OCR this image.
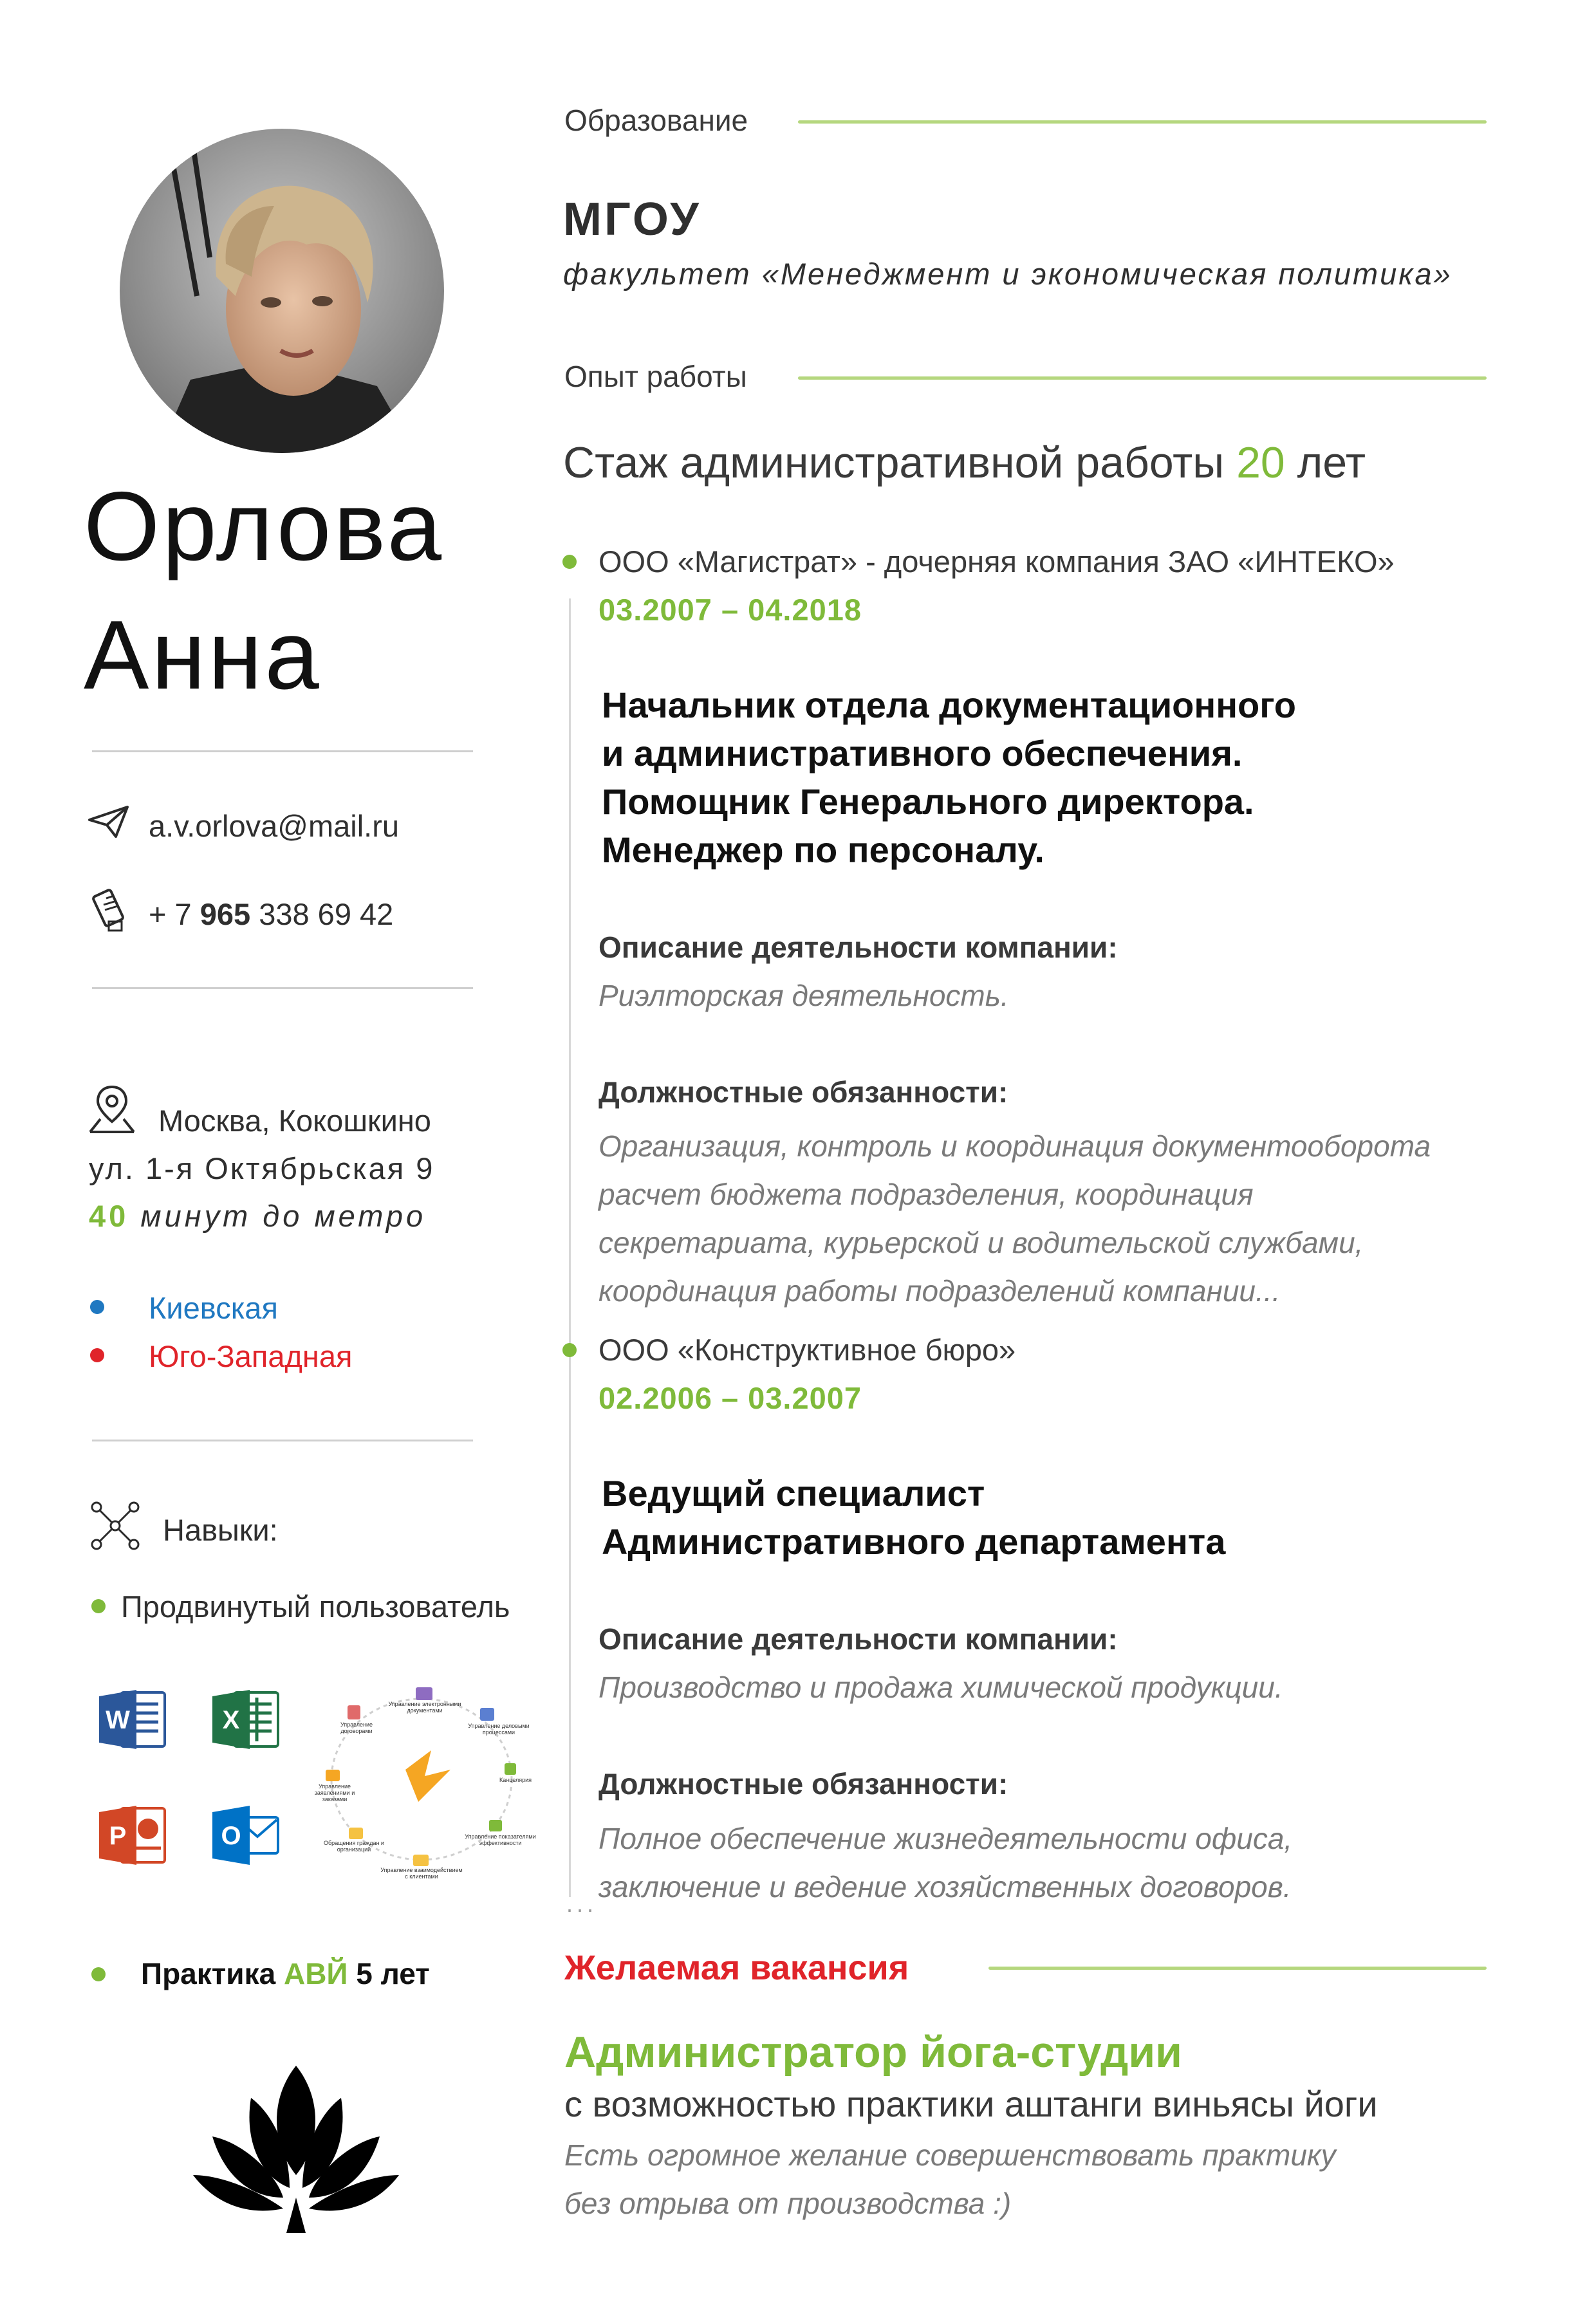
Орлова
Анна
a.v.orlova@mail.ru
+ 7 965 338 69 42
Москва, Кокошкино
ул. 1-я Октябрьская 9
40 минут до метро
Киевская
Юго-Западная
Навыки:
Продвинутый пользователь
W	X
P	O
Управление электронными документами
Управление деловыми процессами
Канцелярия
Управление показателями эффективности
Управление взаимодействием с клиентами
Обращения граждан и организаций
Управление заявлениями и заказами
Управление договорами
Практика АВЙ 5 лет
Образование
МГОУ
факультет «Менеджмент и экономическая политика»
Опыт работы
Стаж административной работы 20 лет
...
ООО «Магистрат» - дочерняя компания ЗАО «ИНТЕКО»
03.2007 – 04.2018
Начальник отдела документационного
и административного обеспечения.
Помощник Генерального директора.
Менеджер по персоналу.
Описание деятельности компании:
Риэлторская деятельность.
Должностные обязанности:
Организация, контроль и координация документооборота
расчет бюджета подразделения, координация
секретариата, курьерской и водительской службами,
координация работы подразделений компании...
ООО «Конструктивное бюро»
02.2006 – 03.2007
Ведущий специалист
Административного департамента
Описание деятельности компании:
Производство и продажа химической продукции.
Должностные обязанности:
Полное обеспечение жизнедеятельности офиса,
заключение и ведение хозяйственных договоров.
Желаемая вакансия
Администратор йога-студии
с возможностью практики аштанги виньясы йоги
Есть огромное желание совершенствовать практику
без отрыва от производства :)
